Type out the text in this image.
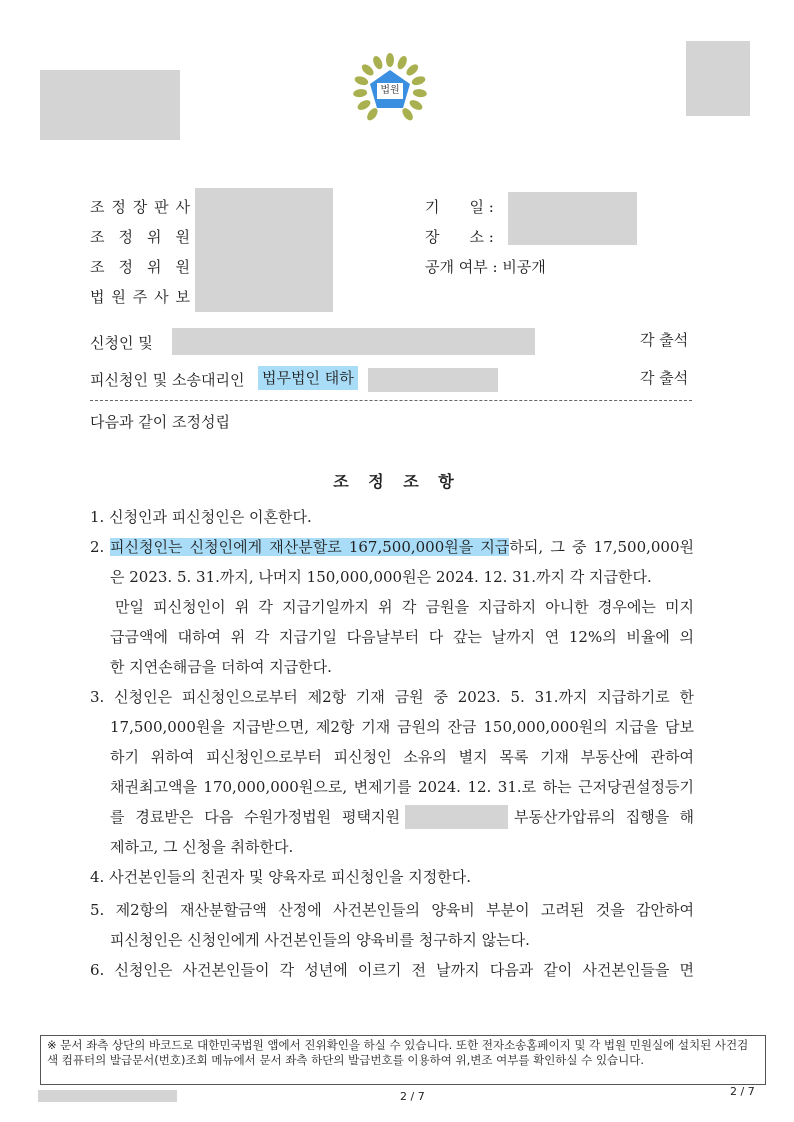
법원
조 정 장 판 사
조 정 위 원
조 정 위 원
법 원 주 사 보
기　　일 :
장　　소 :
공개 여부 : 비공개
신청인 및	각 출석
피신청인 및 소송대리인 법무법인 태하	각 출석
다음과 같이 조정성립
조 정 조 항
1. 신청인과 피신청인은 이혼한다.
2. 피신청인는 신청인에게 재산분할로 167,500,000원을 지급하되, 그 중 17,500,000원
은 2023. 5. 31.까지, 나머지 150,000,000원은 2024. 12. 31.까지 각 지급한다.
만일 피신청인이 위 각 지급기일까지 위 각 금원을 지급하지 아니한 경우에는 미지
급금액에 대하여 위 각 지급기일 다음날부터 다 갚는 날까지 연 12%의 비율에 의
한 지연손해금을 더하여 지급한다.
3. 신청인은 피신청인으로부터 제2항 기재 금원 중 2023. 5. 31.까지 지급하기로 한
17,500,000원을 지급받으면, 제2항 기재 금원의 잔금 150,000,000원의 지급을 담보
하기 위하여 피신청인으로부터 피신청인 소유의 별지 목록 기재 부동산에 관하여
채권최고액을 170,000,000원으로, 변제기를 2024. 12. 31.로 하는 근저당권설정등기
를 경료받은 다음 수원가정법원 평택지원	부동산가압류의 집행을 해
제하고, 그 신청을 취하한다.
4. 사건본인들의 친권자 및 양육자로 피신청인을 지정한다.
5. 제2항의 재산분할금액 산정에 사건본인들의 양육비 부분이 고려된 것을 감안하여
피신청인은 신청인에게 사건본인들의 양육비를 청구하지 않는다.
6. 신청인은 사건본인들이 각 성년에 이르기 전 날까지 다음과 같이 사건본인들을 면
※ 문서 좌측 상단의 바코드로 대한민국법원 앱에서 진위확인을 하실 수 있습니다. 또한 전자소송홈페이지 및 각 법원 민원실에 설치된 사건검색 컴퓨터의 발급문서(번호)조회 메뉴에서 문서 좌측 하단의 발급번호를 이용하여 위,변조 여부를 확인하실 수 있습니다.
2 / 7	2 / 7
